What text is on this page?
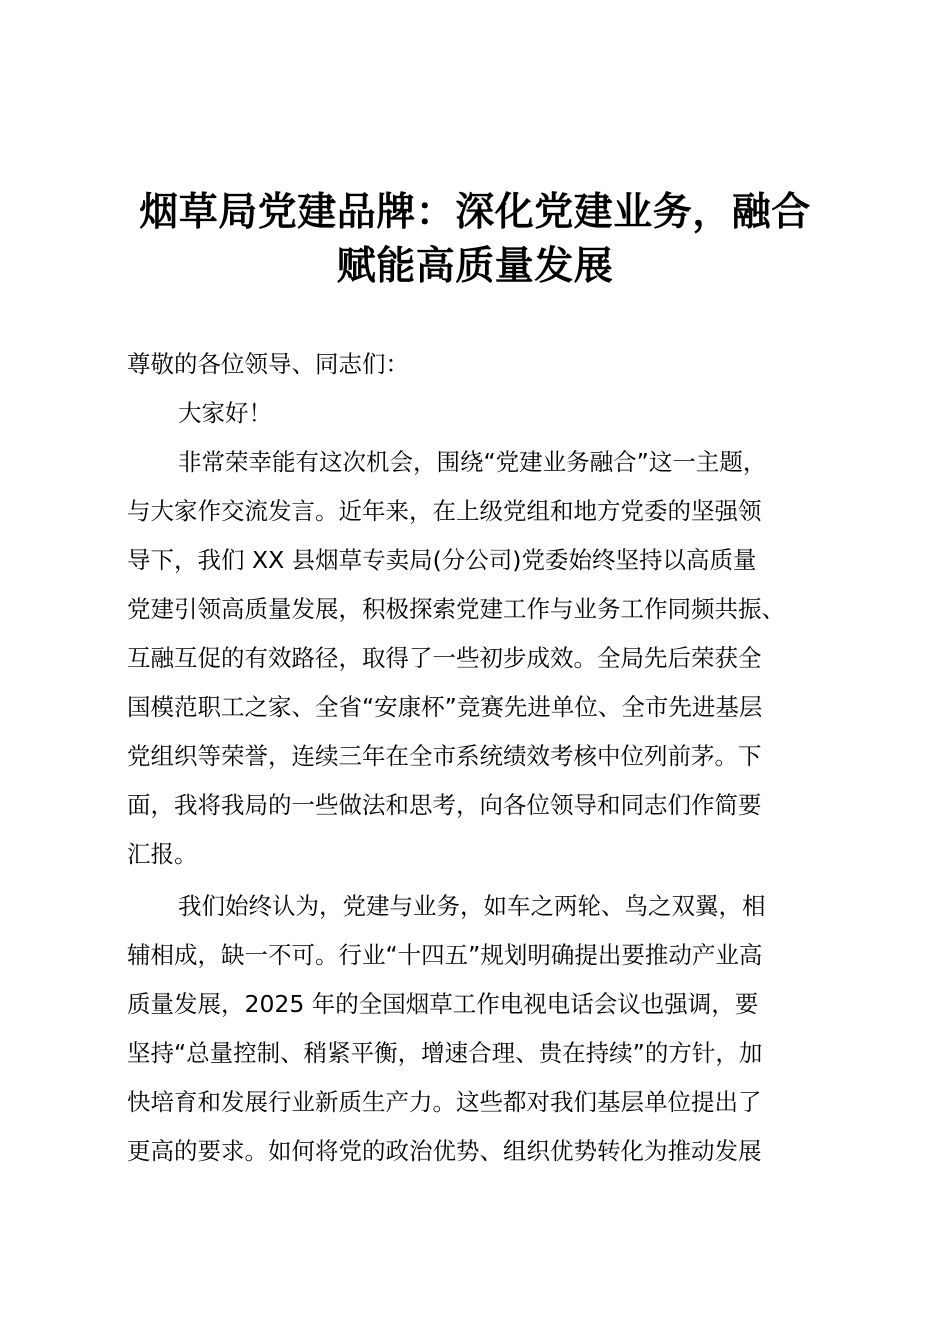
烟草局党建品牌：深化党建业务，融合
赋能高质量发展
尊敬的各位领导、同志们：
大家好！
非常荣幸能有这次机会，围绕“党建业务融合”这一主题，
与大家作交流发言。近年来，在上级党组和地方党委的坚强领
导下，我们 XX 县烟草专卖局(分公司)党委始终坚持以高质量
党建引领高质量发展，积极探索党建工作与业务工作同频共振、
互融互促的有效路径，取得了一些初步成效。全局先后荣获全
国模范职工之家、全省“安康杯”竞赛先进单位、全市先进基层
党组织等荣誉，连续三年在全市系统绩效考核中位列前茅。下
面，我将我局的一些做法和思考，向各位领导和同志们作简要
汇报。
我们始终认为，党建与业务，如车之两轮、鸟之双翼，相
辅相成，缺一不可。行业“十四五”规划明确提出要推动产业高
质量发展，2025 年的全国烟草工作电视电话会议也强调，要
坚持“总量控制、稍紧平衡，增速合理、贵在持续”的方针，加
快培育和发展行业新质生产力。这些都对我们基层单位提出了
更高的要求。如何将党的政治优势、组织优势转化为推动发展
